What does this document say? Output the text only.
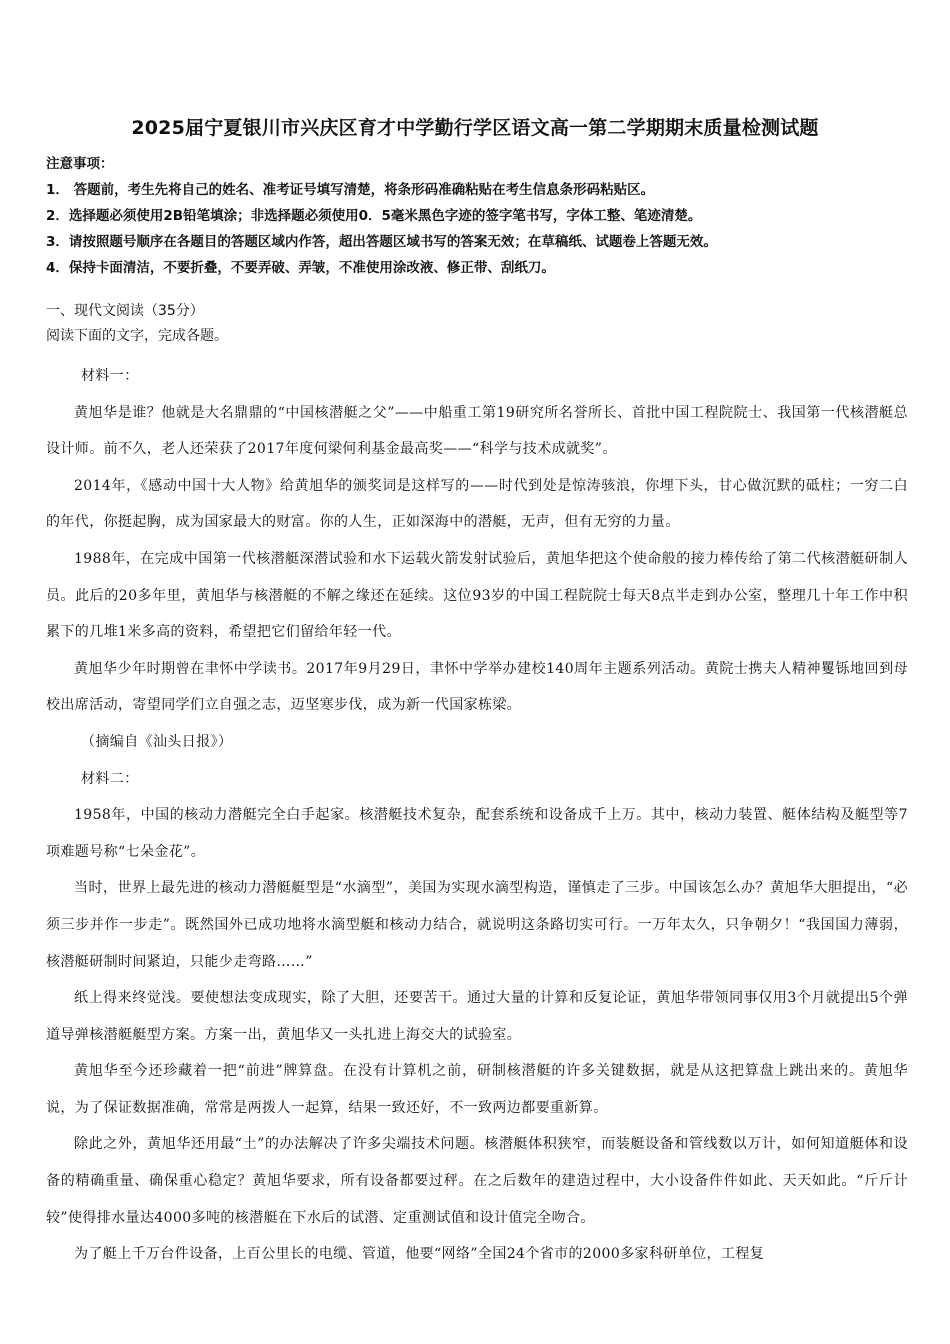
2025届宁夏银川市兴庆区育才中学勤行学区语文高一第二学期期末质量检测试题
注意事项：
1． 答题前，考生先将自己的姓名、准考证号填写清楚，将条形码准确粘贴在考生信息条形码粘贴区。
2．选择题必须使用2B铅笔填涂；非选择题必须使用0．5毫米黑色字迹的签字笔书写，字体工整、笔迹清楚。
3．请按照题号顺序在各题目的答题区域内作答，超出答题区域书写的答案无效；在草稿纸、试题卷上答题无效。
4．保持卡面清洁，不要折叠，不要弄破、弄皱，不准使用涂改液、修正带、刮纸刀。
一、现代文阅读（35分）
阅读下面的文字，完成各题。

材料一：

黄旭华是谁？他就是大名鼎鼎的“中国核潜艇之父”——中船重工第19研究所名誉所长、首批中国工程院院士、我国第一代核潜艇总设计师。前不久，老人还荣获了2017年度何梁何利基金最高奖——“科学与技术成就奖”。

2014年，《感动中国十大人物》给黄旭华的颁奖词是这样写的——时代到处是惊涛骇浪，你埋下头，甘心做沉默的砥柱；一穷二白的年代，你挺起胸，成为国家最大的财富。你的人生，正如深海中的潜艇，无声，但有无穷的力量。

1988年，在完成中国第一代核潜艇深潜试验和水下运载火箭发射试验后，黄旭华把这个使命般的接力棒传给了第二代核潜艇研制人员。此后的20多年里，黄旭华与核潜艇的不解之缘还在延续。这位93岁的中国工程院院士每天8点半走到办公室，整理几十年工作中积累下的几堆1米多高的资料，希望把它们留给年轻一代。

黄旭华少年时期曾在聿怀中学读书。2017年9月29日，聿怀中学举办建校140周年主题系列活动。黄院士携夫人精神矍铄地回到母校出席活动，寄望同学们立自强之志，迈坚寒步伐，成为新一代国家栋梁。

（摘编自《汕头日报》）

材料二：

1958年，中国的核动力潜艇完全白手起家。核潜艇技术复杂，配套系统和设备成千上万。其中，核动力装置、艇体结构及艇型等7项难题号称“七朵金花”。

当时，世界上最先进的核动力潜艇艇型是“水滴型”，美国为实现水滴型构造，谨慎走了三步。中国该怎么办？黄旭华大胆提出，“必须三步并作一步走”。既然国外已成功地将水滴型艇和核动力结合，就说明这条路切实可行。一万年太久，只争朝夕！“我国国力薄弱，核潜艇研制时间紧迫，只能少走弯路……”

纸上得来终觉浅。要使想法变成现实，除了大胆，还要苦干。通过大量的计算和反复论证，黄旭华带领同事仅用3个月就提出5个弹道导弹核潜艇艇型方案。方案一出，黄旭华又一头扎进上海交大的试验室。

黄旭华至今还珍藏着一把“前进”牌算盘。在没有计算机之前，研制核潜艇的许多关键数据，就是从这把算盘上跳出来的。黄旭华说，为了保证数据准确，常常是两拨人一起算，结果一致还好，不一致两边都要重新算。

除此之外，黄旭华还用最“土”的办法解决了许多尖端技术问题。核潜艇体积狭窄，而装艇设备和管线数以万计，如何知道艇体和设备的精确重量、确保重心稳定？黄旭华要求，所有设备都要过秤。在之后数年的建造过程中，大小设备件件如此、天天如此。“斤斤计较”使得排水量达4000多吨的核潜艇在下水后的试潜、定重测试值和设计值完全吻合。

为了艇上千万台件设备，上百公里长的电缆、管道，他要“网络”全国24个省市的2000多家科研单位，工程复
